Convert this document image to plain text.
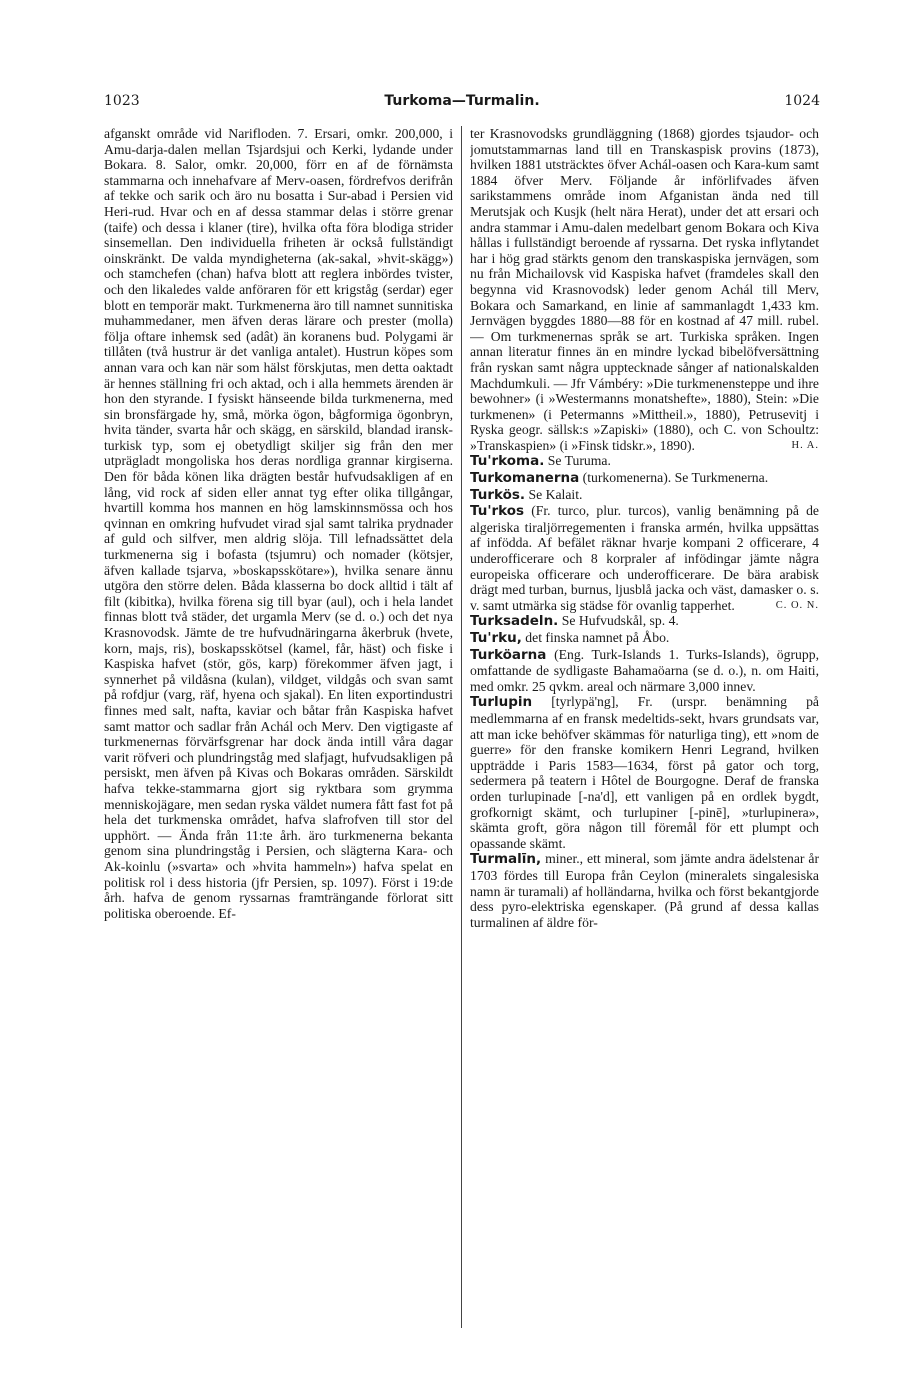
1023	Turkoma—Turmalin.	1024

afganskt område vid Narifloden. 7. Ersari, omkr. 200,000, i Amu-darja-dalen mellan Tsjardsjui och Kerki, lydande under Bokara. 8. Salor, omkr. 20,000, förr en af de förnämsta stammarna och innehafvare af Merv-oasen, fördrefvos derifrån af tekke och sarik och äro nu bosatta i Sur-abad i Persien vid Heri-rud. Hvar och en af dessa stammar delas i större grenar (taife) och dessa i klaner (tire), hvilka ofta föra blodiga strider sinsemellan. Den individuella friheten är också fullständigt oinskränkt. De valda myndigheterna (ak-sakal, »hvit-skägg») och stamchefen (chan) hafva blott att reglera inbördes tvister, och den likaledes valde anföraren för ett krigståg (serdar) eger blott en temporär makt. Turkmenerna äro till namnet sunnitiska muhammedaner, men äfven deras lärare och prester (molla) följa oftare inhemsk sed (adât) än koranens bud. Polygami är tillåten (två hustrur är det vanliga antalet). Hustrun köpes som annan vara och kan när som hälst förskjutas, men detta oaktadt är hennes ställning fri och aktad, och i alla hemmets ärenden är hon den styrande. I fysiskt hänseende bilda turkmenerna, med sin bronsfärgade hy, små, mörka ögon, bågformiga ögonbryn, hvita tänder, svarta hår och skägg, en särskild, blandad iransk-turkisk typ, som ej obetydligt skiljer sig från den mer utprägladt mongoliska hos deras nordliga grannar kirgiserna. Den för båda könen lika drägten består hufvudsakligen af en lång, vid rock af siden eller annat tyg efter olika tillgångar, hvartill komma hos mannen en hög lamskinnsmössa och hos qvinnan en omkring hufvudet virad sjal samt talrika prydnader af guld och silfver, men aldrig slöja. Till lefnadssättet dela turkmenerna sig i bofasta (tsjumru) och nomader (kötsjer, äfven kallade tsjarva, »boskapsskötare»), hvilka senare ännu utgöra den större delen. Båda klasserna bo dock alltid i tält af filt (kibitka), hvilka förena sig till byar (aul), och i hela landet finnas blott två städer, det urgamla Merv (se d. o.) och det nya Krasnovodsk. Jämte de tre hufvudnäringarna åkerbruk (hvete, korn, majs, ris), boskapsskötsel (kamel, får, häst) och fiske i Kaspiska hafvet (stör, gös, karp) förekommer äfven jagt, i synnerhet på vildåsna (kulan), vildget, vildgås och svan samt på rofdjur (varg, räf, hyena och sjakal). En liten exportindustri finnes med salt, nafta, kaviar och båtar från Kaspiska hafvet samt mattor och sadlar från Achál och Merv. Den vigtigaste af turkmenernas förvärfsgrenar har dock ända intill våra dagar varit röfveri och plundringståg med slafjagt, hufvudsakligen på persiskt, men äfven på Kivas och Bokaras områden. Särskildt hafva tekke-stammarna gjort sig ryktbara som grymma menniskojägare, men sedan ryska väldet numera fått fast fot på hela det turkmenska området, hafva slafrofven till stor del upphört. — Ända från 11:te årh. äro turkmenerna bekanta genom sina plundringståg i Persien, och slägterna Kara- och Ak-koinlu (»svarta» och »hvita hammeln») hafva spelat en politisk rol i dess historia (jfr Persien, sp. 1097). Först i 19:de årh. hafva de genom ryssarnas framträngande förlorat sitt politiska oberoende. Ef-

ter Krasnovodsks grundläggning (1868) gjordes tsjaudor- och jomutstammarnas land till en Transkaspisk provins (1873), hvilken 1881 utsträcktes öfver Achál-oasen och Kara-kum samt 1884 öfver Merv. Följande år införlifvades äfven sarikstammens område inom Afganistan ända ned till Merutsjak och Kusjk (helt nära Herat), under det att ersari och andra stammar i Amu-dalen medelbart genom Bokara och Kiva hållas i fullständigt beroende af ryssarna. Det ryska inflytandet har i hög grad stärkts genom den transkaspiska jernvägen, som nu från Michailovsk vid Kaspiska hafvet (framdeles skall den begynna vid Krasnovodsk) leder genom Achál till Merv, Bokara och Samarkand, en linie af sammanlagdt 1,433 km. Jernvägen byggdes 1880—88 för en kostnad af 47 mill. rubel. — Om turkmenernas språk se art. Turkiska språken. Ingen annan literatur finnes än en mindre lyckad bibelöfversättning från ryskan samt några upptecknade sånger af nationalskalden Machdumkuli. — Jfr Vámbéry: »Die turkmenensteppe und ihre bewohner» (i »Westermanns monatshefte», 1880), Stein: »Die turkmenen» (i Petermanns »Mittheil.», 1880), Petrusevitj i Ryska geogr. sällsk:s »Zapiski» (1880), och C. von Schoultz: »Transkaspien» (i »Finsk tidskr.», 1890).	H. A.

Tu'rkoma. Se Turuma.

Turkomanerna (turkomenerna). Se Turkmenerna.

Turkös. Se Kalait.

Tu'rkos (Fr. turco, plur. turcos), vanlig benämning på de algeriska tiraljörregementen i franska armén, hvilka uppsättas af infödda. Af befälet räknar hvarje kompani 2 officerare, 4 underofficerare och 8 korpraler af infödingar jämte några europeiska officerare och underofficerare. De bära arabisk drägt med turban, burnus, ljusblå jacka och väst, damasker o. s. v. samt utmärka sig städse för ovanlig tapperhet.	C. O. N.

Turksadeln. Se Hufvudskål, sp. 4.

Tu'rku, det finska namnet på Åbo.

Turköarna (Eng. Turk-Islands 1. Turks-Islands), ögrupp, omfattande de sydligaste Bahamaöarna (se d. o.), n. om Haiti, med omkr. 25 qvkm. areal och närmare 3,000 innev.

Turlupin [tyrlypä'ng], Fr. (urspr. benämning på medlemmarna af en fransk medeltids-sekt, hvars grundsats var, att man icke behöfver skämmas för naturliga ting), ett »nom de guerre» för den franske komikern Henri Legrand, hvilken uppträdde i Paris 1583—1634, först på gator och torg, sedermera på teatern i Hôtel de Bourgogne. Deraf de franska orden turlupinade [-na'd], ett vanligen på en ordlek bygdt, grofkornigt skämt, och turlupiner [-pinē], »turlupinera», skämta groft, göra någon till föremål för ett plumpt och opassande skämt.

Turmalīn, miner., ett mineral, som jämte andra ädelstenar år 1703 fördes till Europa från Ceylon (mineralets singalesiska namn är turamali) af holländarna, hvilka och först bekantgjorde dess pyro-elektriska egenskaper. (På grund af dessa kallas turmalinen af äldre för-
